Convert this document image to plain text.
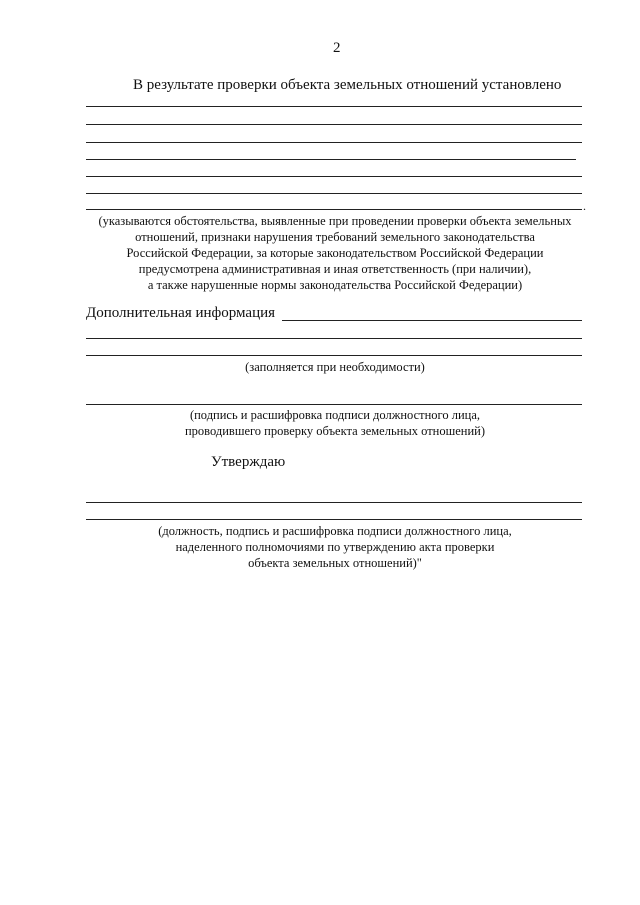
2
В результате проверки объекта земельных отношений установлено
.
(указываются обстоятельства, выявленные при проведении проверки объекта земельных
отношений, признаки нарушения требований земельного законодательства
Российской Федерации, за которые законодательством Российской Федерации
предусмотрена административная и иная ответственность (при наличии),
а также нарушенные нормы законодательства Российской Федерации)
Дополнительная информация
(заполняется при необходимости)
(подпись и расшифровка подписи должностного лица,
проводившего проверку объекта земельных отношений)
Утверждаю
(должность, подпись и расшифровка подписи должностного лица,
наделенного полномочиями по утверждению акта проверки
объекта земельных отношений)"
